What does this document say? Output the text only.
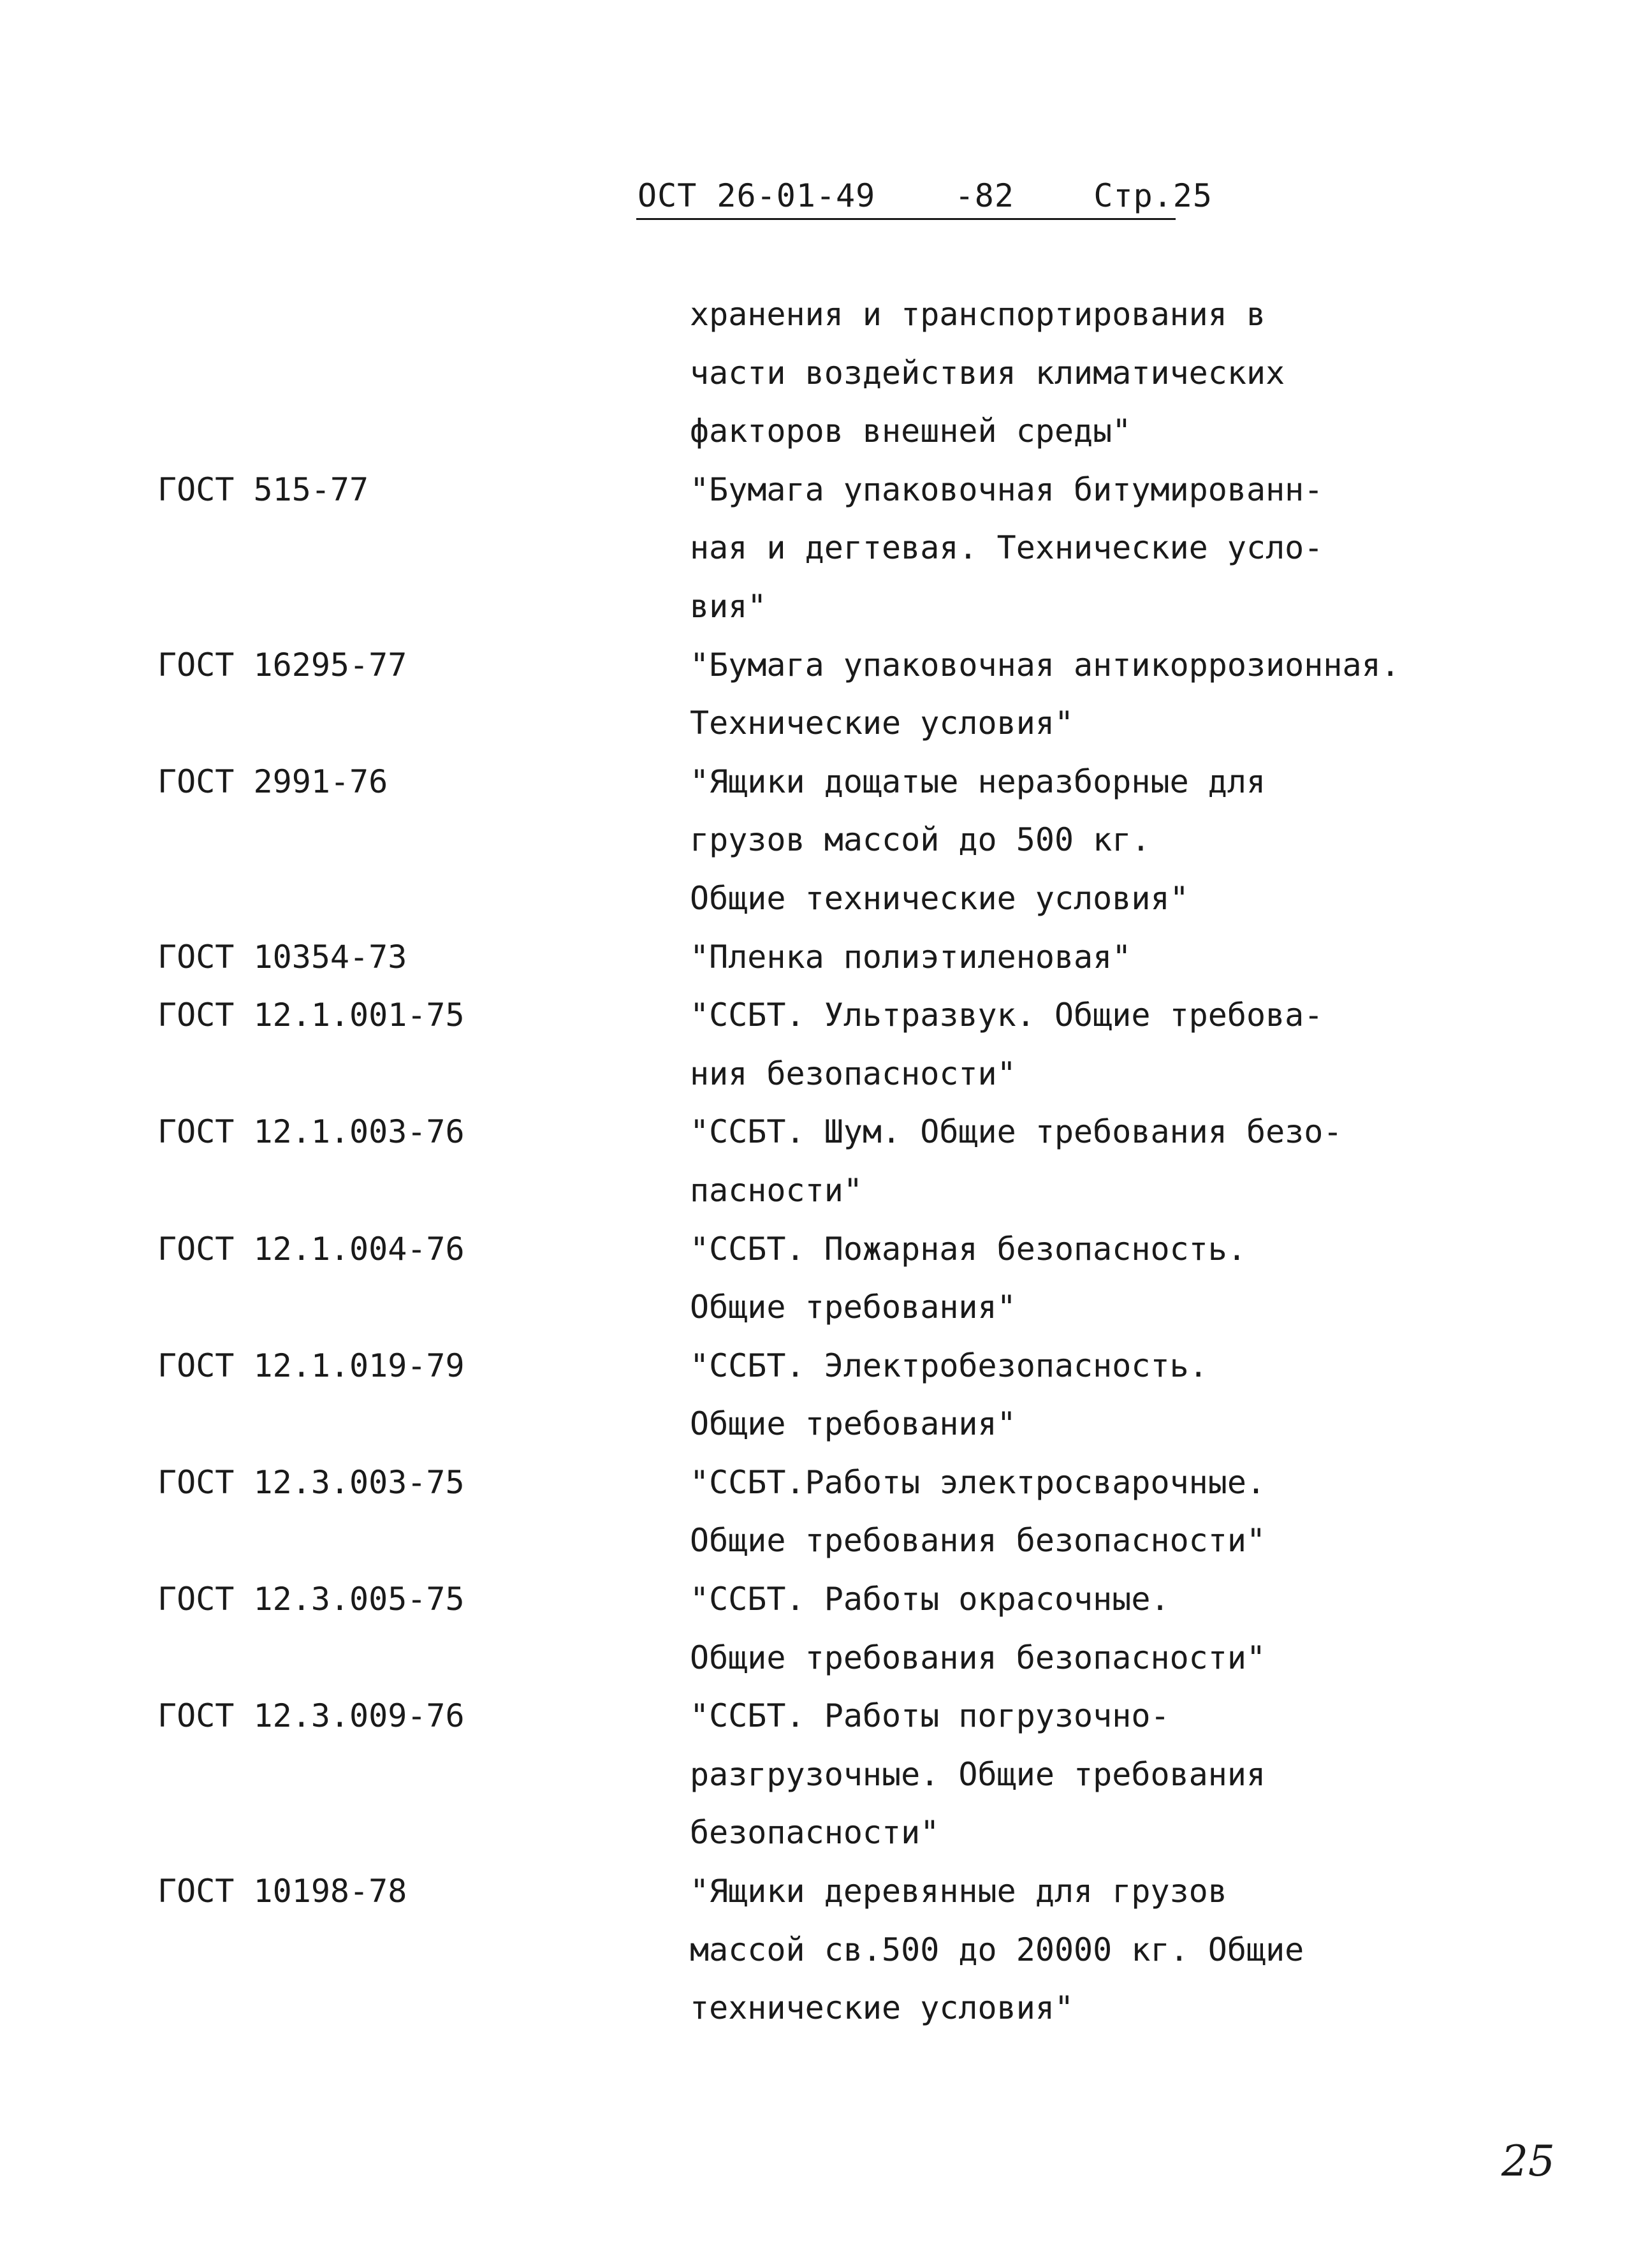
ОСТ 26-01-49    -82    Стр.25
хранения и транспортирования в
части воздействия климатических
факторов внешней среды"
ГОСТ 515-77	"Бумага упаковочная битумированн-
ная и дегтевая. Технические усло-
вия"
ГОСТ 16295-77	"Бумага упаковочная антикоррозионная.
Технические условия"
ГОСТ 2991-76	"Ящики дощатые неразборные для
грузов массой до 500 кг.
Общие технические условия"
ГОСТ 10354-73	"Пленка полиэтиленовая"
ГОСТ 12.1.001-75	"ССБТ. Ультразвук. Общие требова-
ния безопасности"
ГОСТ 12.1.003-76	"ССБТ. Шум. Общие требования безо-
пасности"
ГОСТ 12.1.004-76	"ССБТ. Пожарная безопасность.
Общие требования"
ГОСТ 12.1.019-79	"ССБТ. Электробезопасность.
Общие требования"
ГОСТ 12.3.003-75	"ССБТ.Работы электросварочные.
Общие требования безопасности"
ГОСТ 12.3.005-75	"ССБТ. Работы окрасочные.
Общие требования безопасности"
ГОСТ 12.3.009-76	"ССБТ. Работы погрузочно-
разгрузочные. Общие требования
безопасности"
ГОСТ 10198-78	"Ящики деревянные для грузов
массой св.500 до 20000 кг. Общие
технические условия"
25
